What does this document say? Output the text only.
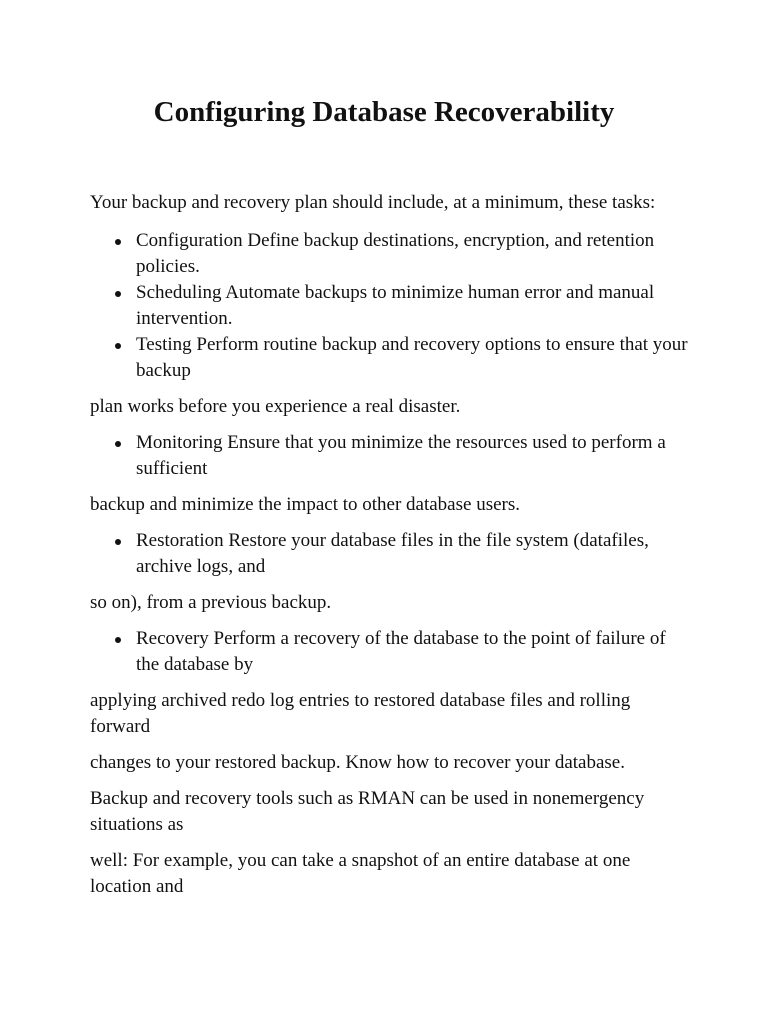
Configuring Database Recoverability

Your backup and recovery plan should include, at a minimum, these tasks:

Configuration Define backup destinations, encryption, and retention policies.
Scheduling Automate backups to minimize human error and manual intervention.
Testing Perform routine backup and recovery options to ensure that your backup

plan works before you experience a real disaster.

Monitoring Ensure that you minimize the resources used to perform a sufficient

backup and minimize the impact to other database users.

Restoration Restore your database files in the file system (datafiles, archive logs, and

so on), from a previous backup.

Recovery Perform a recovery of the database to the point of failure of the database by

applying archived redo log entries to restored database files and rolling forward

changes to your restored backup. Know how to recover your database.

Backup and recovery tools such as RMAN can be used in nonemergency situations as

well: For example, you can take a snapshot of an entire database at one location and
